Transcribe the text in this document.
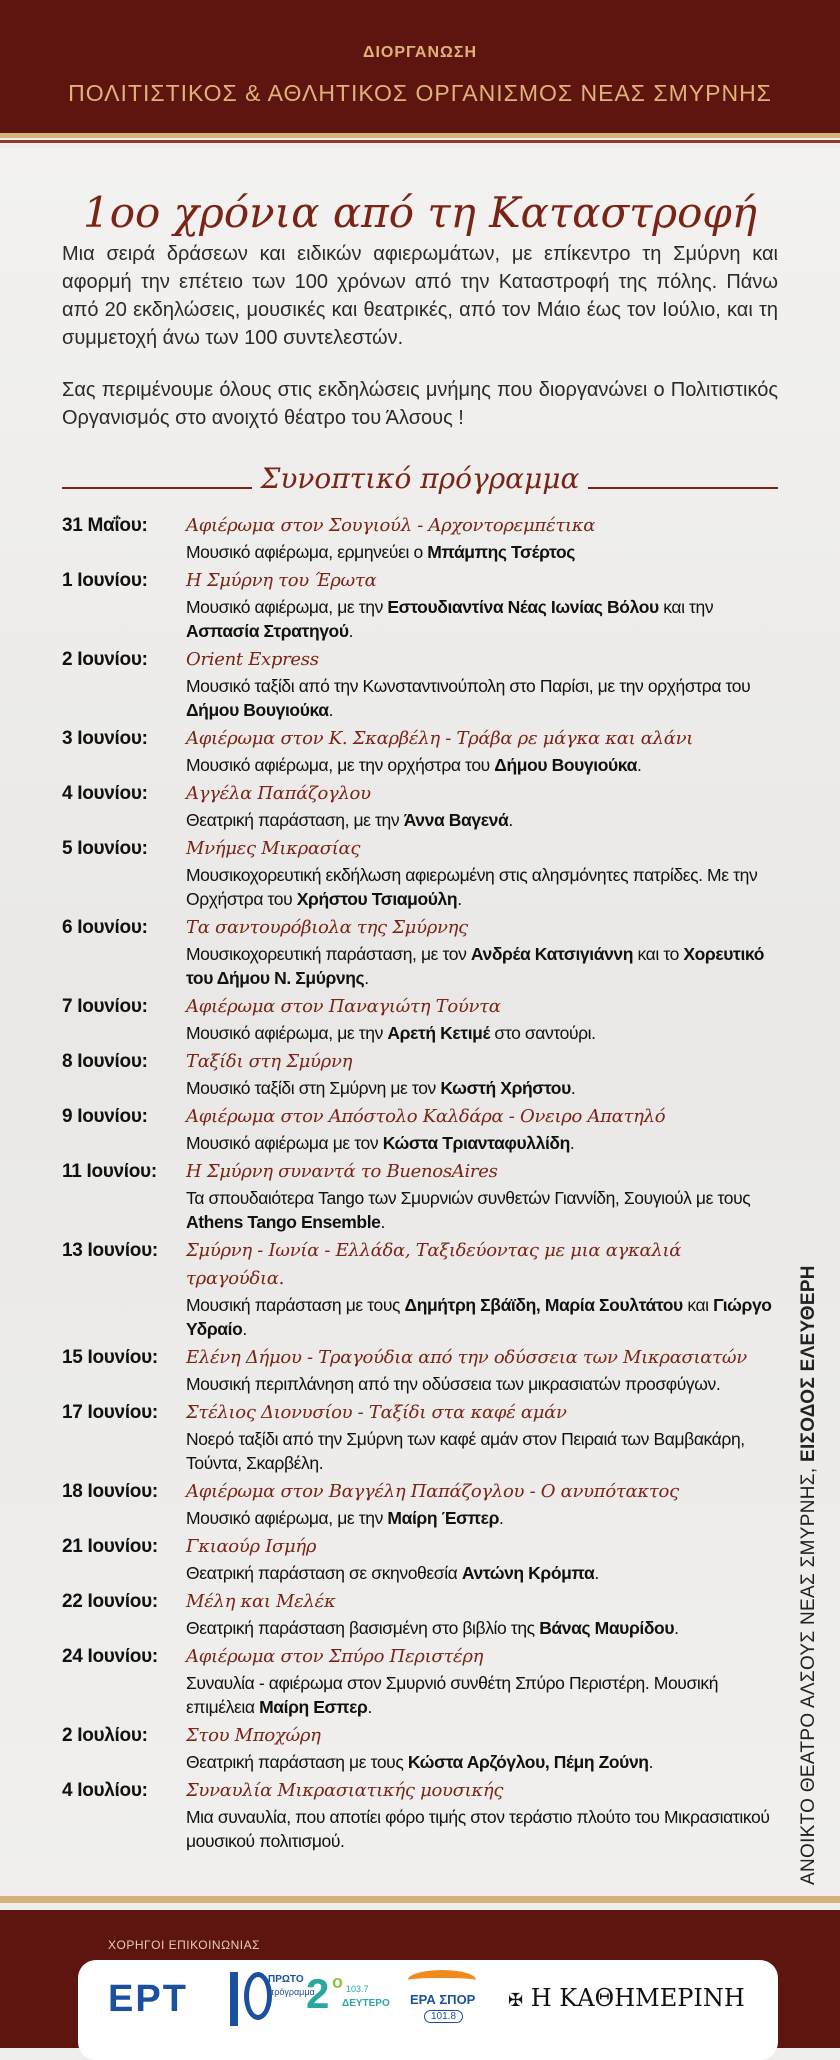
ΔΙΟΡΓΑΝΩΣΗ
ΠΟΛΙΤΙΣΤΙΚΟΣ & ΑΘΛΗΤΙΚΟΣ ΟΡΓΑΝΙΣΜΟΣ ΝΕΑΣ ΣΜΥΡΝΗΣ
1οο χρόνια από τη Καταστροφή

Μια σειρά δράσεων και ειδικών αφιερωμάτων, με επίκεντρο τη Σμύρνη και αφορμή την επέτειο των 100 χρόνων από την Καταστροφή της πόλης. Πάνω από 20 εκδηλώσεις, μουσικές και θεατρικές, από τον Μάιο έως τον Ιούλιο, και τη συμμετοχή άνω των 100 συντελεστών.

Σας περιμένουμε όλους στις εκδηλώσεις μνήμης που διοργανώνει ο Πολιτιστικός Οργανισμός στο ανοιχτό θέατρο του Άλσους !

Συνοπτικό πρόγραμμα
31 Μαΐου:	Αφιέρωμα στον Σουγιούλ - Αρχοντορεμπέτικα
Μουσικό αφιέρωμα, ερμηνεύει ο Μπάμπης Τσέρτος
1 Ιουνίου:	Η Σμύρνη του Έρωτα
Μουσικό αφιέρωμα, με την Εστουδιαντίνα Νέας Ιωνίας Βόλου και την Ασπασία Στρατηγού.
2 Ιουνίου:	Orient Express
Μουσικό ταξίδι από την Κωνσταντινούπολη στο Παρίσι, με την ορχήστρα του Δήμου Βουγιούκα.
3 Ιουνίου:	Αφιέρωμα στον Κ. Σκαρβέλη - Τράβα ρε μάγκα και αλάνι
Μουσικό αφιέρωμα, με την ορχήστρα του Δήμου Βουγιούκα.
4 Ιουνίου:	Αγγέλα Παπάζογλου
Θεατρική παράσταση, με την Άννα Βαγενά.
5 Ιουνίου:	Μνήμες Μικρασίας
Μουσικοχορευτική εκδήλωση αφιερωμένη στις αλησμόνητες πατρίδες. Με την Ορχήστρα του Χρήστου Τσιαμούλη.
6 Ιουνίου:	Τα σαντουρόβιολα της Σμύρνης
Μουσικοχορευτική παράσταση, με τον Ανδρέα Κατσιγιάννη και το Χορευτικό του Δήμου Ν. Σμύρνης.
7 Ιουνίου:	Αφιέρωμα στον Παναγιώτη Τούντα
Μουσικό αφιέρωμα, με την Αρετή Κετιμέ στο σαντούρι.
8 Ιουνίου:	Ταξίδι στη Σμύρνη
Μουσικό ταξίδι στη Σμύρνη με τον Κωστή Χρήστου.
9 Ιουνίου:	Αφιέρωμα στον Απόστολο Καλδάρα - Ονειρο Απατηλό
Μουσικό αφιέρωμα με τον Κώστα Τριανταφυλλίδη.
11 Ιουνίου:	Η Σμύρνη συναντά το BuenosAires
Τα σπουδαιότερα Tango των Σμυρνιών συνθετών Γιαννίδη, Σουγιούλ με τους Athens Tango Ensemble.
13 Ιουνίου:	Σμύρνη - Ιωνία - Ελλάδα, Ταξιδεύοντας με μια αγκαλιά τραγούδια.
Μουσική παράσταση με τους Δημήτρη Σβάϊδη, Μαρία Σουλτάτου και Γιώργο Υδραίο.
15 Ιουνίου:	Ελένη Δήμου - Τραγούδια από την οδύσσεια των Μικρασιατών
Μουσική περιπλάνηση από την οδύσσεια των μικρασιατών προσφύγων.
17 Ιουνίου:	Στέλιος Διονυσίου - Ταξίδι στα καφέ αμάν
Νοερό ταξίδι από την Σμύρνη των καφέ αμάν στον Πειραιά των Βαμβακάρη, Τούντα, Σκαρβέλη.
18 Ιουνίου:	Αφιέρωμα στον Βαγγέλη Παπάζογλου - Ο ανυπότακτος
Μουσικό αφιέρωμα, με την Μαίρη Έσπερ.
21 Ιουνίου:	Γκιαούρ Ισμήρ
Θεατρική παράσταση σε σκηνοθεσία Αντώνη Κρόμπα.
22 Ιουνίου:	Μέλη και Μελέκ
Θεατρική παράσταση βασισμένη στο βιβλίο της Βάνας Μαυρίδου.
24 Ιουνίου:	Αφιέρωμα στον Σπύρο Περιστέρη
Συναυλία - αφιέρωμα στον Σμυρνιό συνθέτη Σπύρο Περιστέρη. Μουσική επιμέλεια Μαίρη Εσπερ.
2 Ιουλίου:	Στου Μποχώρη
Θεατρική παράσταση με τους Κώστα Αρζόγλου, Πέμη Ζούνη.
4 Ιουλίου:	Συναυλία Μικρασιατικής μουσικής
Μια συναυλία, που αποτίει φόρο τιμής στον τεράστιο πλούτο του Μικρασιατικού μουσικού πολιτισμού.	ΑΝΟΙΚΤΟ ΘΕΑΤΡΟ ΑΛΣΟΥΣ ΝΕΑΣ ΣΜΥΡΝΗΣ, ΕΙΣΟΔΟΣ ΕΛΕΥΘΕΡΗ
ΧΟΡΗΓΟΙ ΕΠΙΚΟΙΝΩΝΙΑΣ
ΕΡΤ	ΠΡΩΤΟ
πρόγραμμα
2 ο 103.7
ΔΕΥΤΕΡΟ ΕΡΑ ΣΠΟΡ
101.8
✠ Η ΚΑΘΗΜΕΡΙΝΗ
